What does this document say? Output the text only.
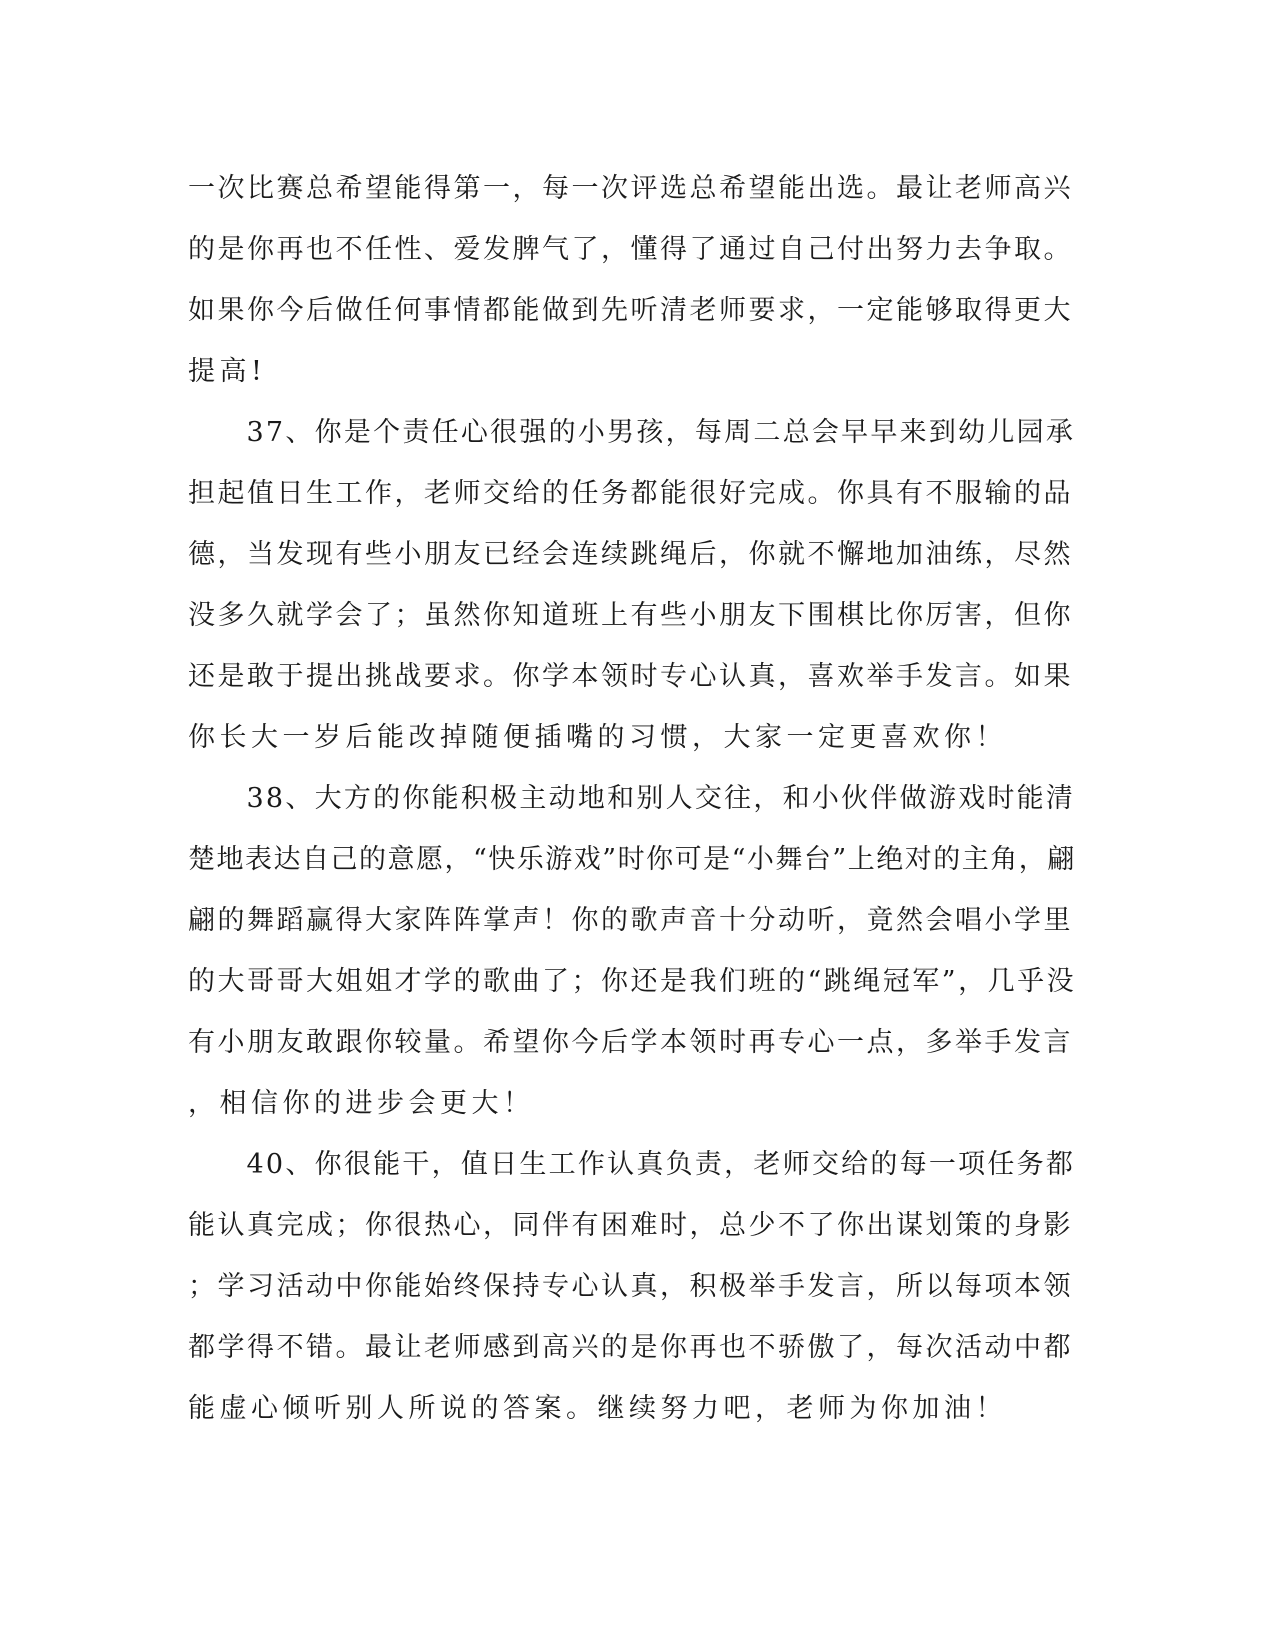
一次比赛总希望能得第一，每一次评选总希望能出选。最让老师高兴
的是你再也不任性、爱发脾气了，懂得了通过自己付出努力去争取。
如果你今后做任何事情都能做到先听清老师要求，一定能够取得更大
提高!
　　37、你是个责任心很强的小男孩，每周二总会早早来到幼儿园承
担起值日生工作，老师交给的任务都能很好完成。你具有不服输的品
德，当发现有些小朋友已经会连续跳绳后，你就不懈地加油练，尽然
没多久就学会了；虽然你知道班上有些小朋友下围棋比你厉害，但你
还是敢于提出挑战要求。你学本领时专心认真，喜欢举手发言。如果
你长大一岁后能改掉随便插嘴的习惯，大家一定更喜欢你！
　　38、大方的你能积极主动地和别人交往，和小伙伴做游戏时能清
楚地表达自己的意愿，“快乐游戏”时你可是“小舞台”上绝对的主角，翩
翩的舞蹈赢得大家阵阵掌声！你的歌声音十分动听，竟然会唱小学里
的大哥哥大姐姐才学的歌曲了；你还是我们班的“跳绳冠军”，几乎没
有小朋友敢跟你较量。希望你今后学本领时再专心一点，多举手发言
，相信你的进步会更大！
　　40、你很能干，值日生工作认真负责，老师交给的每一项任务都
能认真完成；你很热心，同伴有困难时，总少不了你出谋划策的身影
；学习活动中你能始终保持专心认真，积极举手发言，所以每项本领
都学得不错。最让老师感到高兴的是你再也不骄傲了，每次活动中都
能虚心倾听别人所说的答案。继续努力吧，老师为你加油！
